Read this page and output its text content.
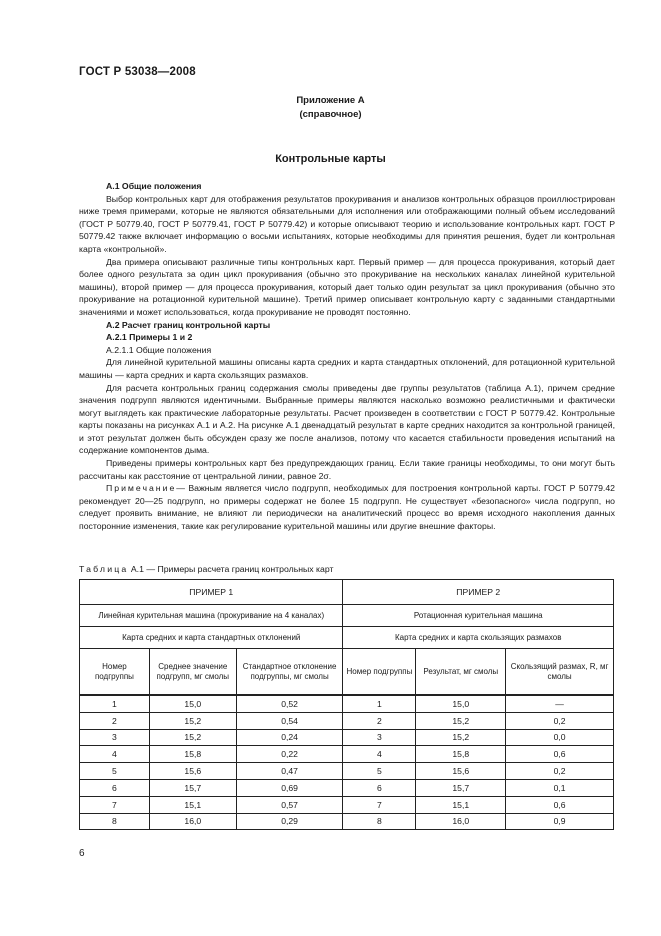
ГОСТ Р 53038—2008
Приложение А
(справочное)
Контрольные карты

А.1 Общие положения

Выбор контрольных карт для отображения результатов прокуривания и анализов контрольных образцов проиллюстрирован ниже тремя примерами, которые не являются обязательными для исполнения или отображающими полный объем исследований (ГОСТ Р 50779.40, ГОСТ Р 50779.41, ГОСТ Р 50779.42) и которые описывают теорию и использование контрольных карт. ГОСТ Р 50779.42 также включает информацию о восьми испытаниях, которые необходимы для принятия решения, будет ли контрольная карта «контрольной».

Два примера описывают различные типы контрольных карт. Первый пример — для процесса прокуривания, который дает более одного результата за один цикл прокуривания (обычно это прокуривание на нескольких каналах линейной курительной машины), второй пример — для процесса прокуривания, который дает только один результат за цикл прокуривания (обычно это прокуривание на ротационной курительной машине). Третий пример описывает контрольную карту с заданными стандартными значениями и может использоваться, когда прокуривание не проводят постоянно.

А.2 Расчет границ контрольной карты

А.2.1 Примеры 1 и 2

А.2.1.1 Общие положения

Для линейной курительной машины описаны карта средних и карта стандартных отклонений, для ротационной курительной машины — карта средних и карта скользящих размахов.

Для расчета контрольных границ содержания смолы приведены две группы результатов (таблица А.1), причем средние значения подгрупп являются идентичными. Выбранные примеры являются насколько возможно реалистичными и фактически могут выглядеть как практические лабораторные результаты. Расчет произведен в соответствии с ГОСТ Р 50779.42. Контрольные карты показаны на рисунках А.1 и А.2. На рисунке А.1 двенадцатый результат в карте средних находится за контрольной границей, и этот результат должен быть обсужден сразу же после анализов, потому что касается стабильности проведения испытаний на содержание компонентов дыма.

Приведены примеры контрольных карт без предупреждающих границ. Если такие границы необходимы, то они могут быть рассчитаны как расстояние от центральной линии, равное 2σ.

Примечание— Важным является число подгрупп, необходимых для построения контрольной карты. ГОСТ Р 50779.42 рекомендует 20—25 подгрупп, но примеры содержат не более 15 подгрупп. Не существует «безопасного» числа подгрупп, но следует проявить внимание, не влияют ли периодически на аналитический процесс во время исходного накопления данных посторонние изменения, такие как регулирование курительной машины или другие внешние факторы.

Таблица А.1 — Примеры расчета границ контрольных карт
ПРИМЕР 1			ПРИМЕР 2		
Линейная курительная машина (прокуривание на 4 каналах)			Ротационная курительная машина		
Карта средних и карта стандартных отклонений			Карта средних и карта скользящих размахов		
Номер подгруппы	Среднее значение подгрупп, мг смолы	Стандартное отклонение подгруппы, мг смолы	Номер подгруппы	Результат, мг смолы	Скользящий размах, R, мг смолы
1	15,0	0,52	1	15,0	—
2	15,2	0,54	2	15,2	0,2
3	15,2	0,24	3	15,2	0,0
4	15,8	0,22	4	15,8	0,6
5	15,6	0,47	5	15,6	0,2
6	15,7	0,69	6	15,7	0,1
7	15,1	0,57	7	15,1	0,6
8	16,0	0,29	8	16,0	0,9
6
